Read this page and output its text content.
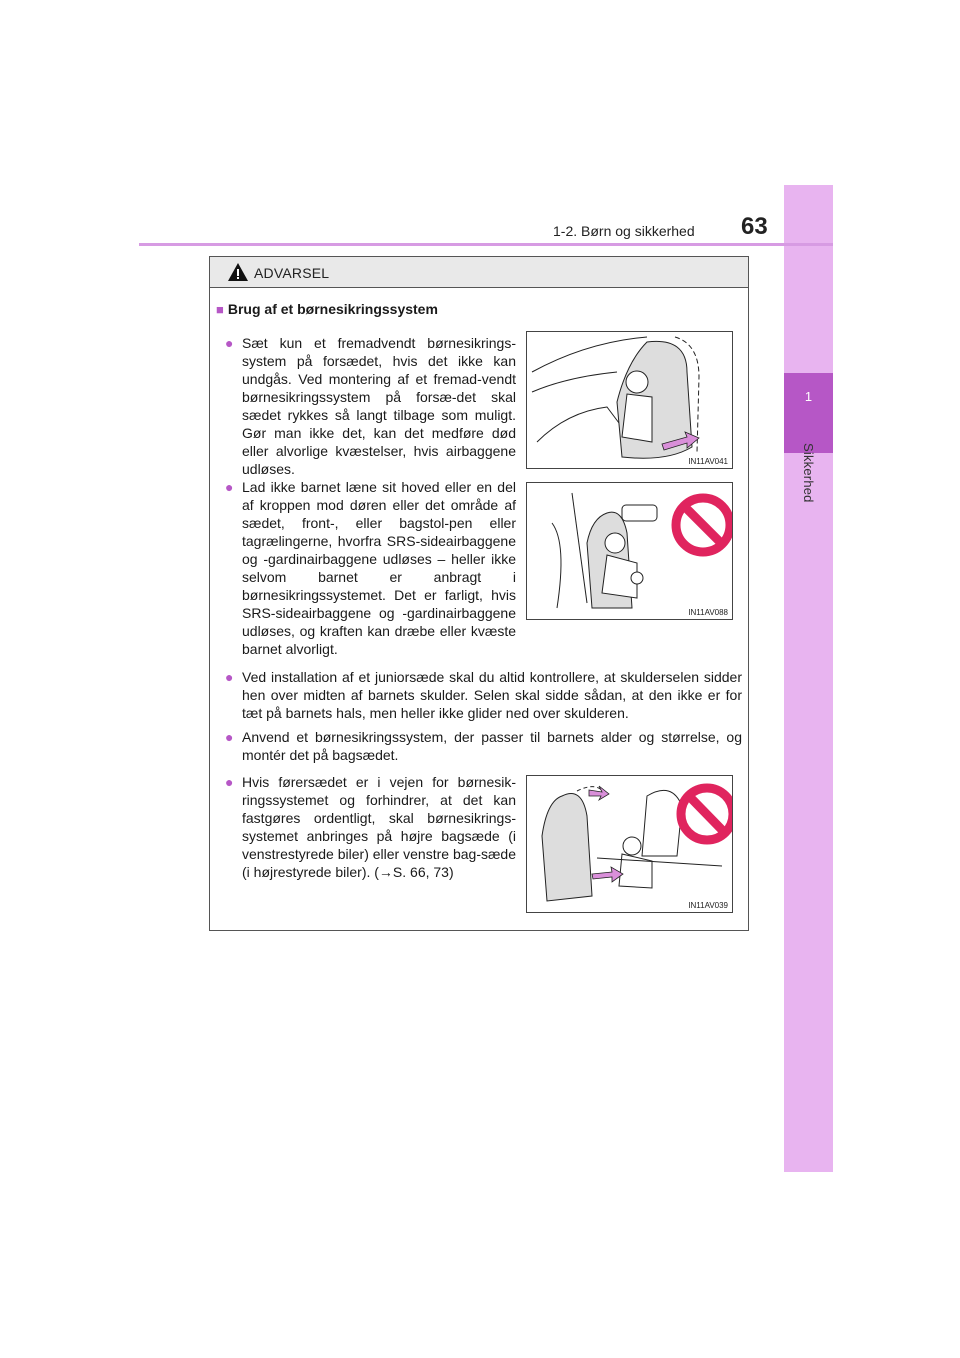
1
Sikkerhed
1-2. Børn og sikkerhed 63
ADVARSEL
■ Brug af et børnesikringssystem
● Sæt kun et fremadvendt børnesikrings-system på forsædet, hvis det ikke kan undgås. Ved montering af et fremad-vendt børnesikringssystem på forsæ-det skal sædet rykkes så langt tilbage som muligt. Gør man ikke det, kan det medføre død eller alvorlige kvæstelser, hvis airbaggene udløses.	IN11AV041
● Lad ikke barnet læne sit hoved eller en del af kroppen mod døren eller det område af sædet, front-, eller bagstol-pen eller tagrælingerne, hvorfra SRS-sideairbaggene og -gardinairbaggene udløses – heller ikke selvom barnet er anbragt i børnesikringssystemet. Det er farligt, hvis SRS-sideairbaggene og -gardinairbaggene udløses, og kraften kan dræbe eller kvæste barnet alvorligt.
IN11AV088
● Ved installation af et juniorsæde skal du altid kontrollere, at skulderselen sidder hen over midten af barnets skulder. Selen skal sidde sådan, at den ikke er for tæt på barnets hals, men heller ikke glider ned over skulderen.
● Anvend et børnesikringssystem, der passer til barnets alder og størrelse, og montér det på bagsædet.
● Hvis førersædet er i vejen for børnesik-ringssystemet og forhindrer, at det kan fastgøres ordentligt, skal børnesikrings-systemet anbringes på højre bagsæde (i venstrestyrede biler) eller venstre bag-sæde (i højrestyrede biler). (→S. 66, 73)
IN11AV039
